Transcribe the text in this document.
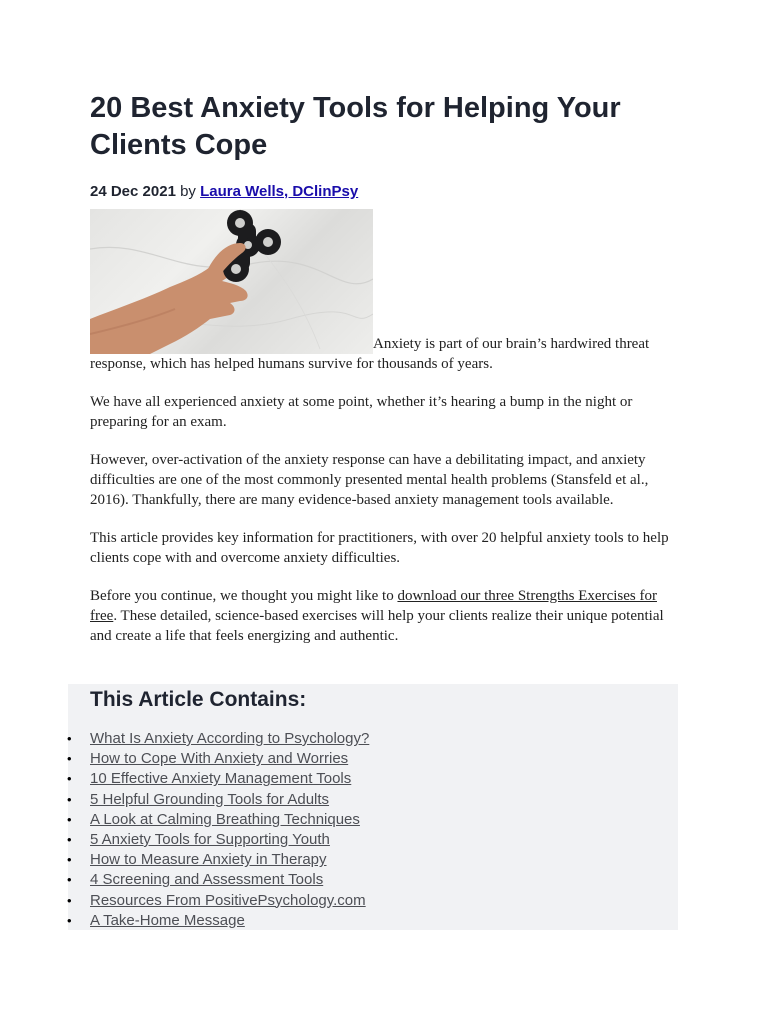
20 Best Anxiety Tools for Helping Your Clients Cope
24 Dec 2021 by Laura Wells, DClinPsy
Anxiety is part of our brain’s hardwired threat response, which has helped humans survive for thousands of years.

We have all experienced anxiety at some point, whether it’s hearing a bump in the night or preparing for an exam.

However, over-activation of the anxiety response can have a debilitating impact, and anxiety difficulties are one of the most commonly presented mental health problems (Stansfeld et al., 2016). Thankfully, there are many evidence-based anxiety management tools available.

This article provides key information for practitioners, with over 20 helpful anxiety tools to help clients cope with and overcome anxiety difficulties.

Before you continue, we thought you might like to download our three Strengths Exercises for free. These detailed, science-based exercises will help your clients realize their unique potential and create a life that feels energizing and authentic.

This Article Contains:
• What Is Anxiety According to Psychology?
• How to Cope With Anxiety and Worries
• 10 Effective Anxiety Management Tools
• 5 Helpful Grounding Tools for Adults
• A Look at Calming Breathing Techniques
• 5 Anxiety Tools for Supporting Youth
• How to Measure Anxiety in Therapy
• 4 Screening and Assessment Tools
• Resources From PositivePsychology.com
• A Take-Home Message
